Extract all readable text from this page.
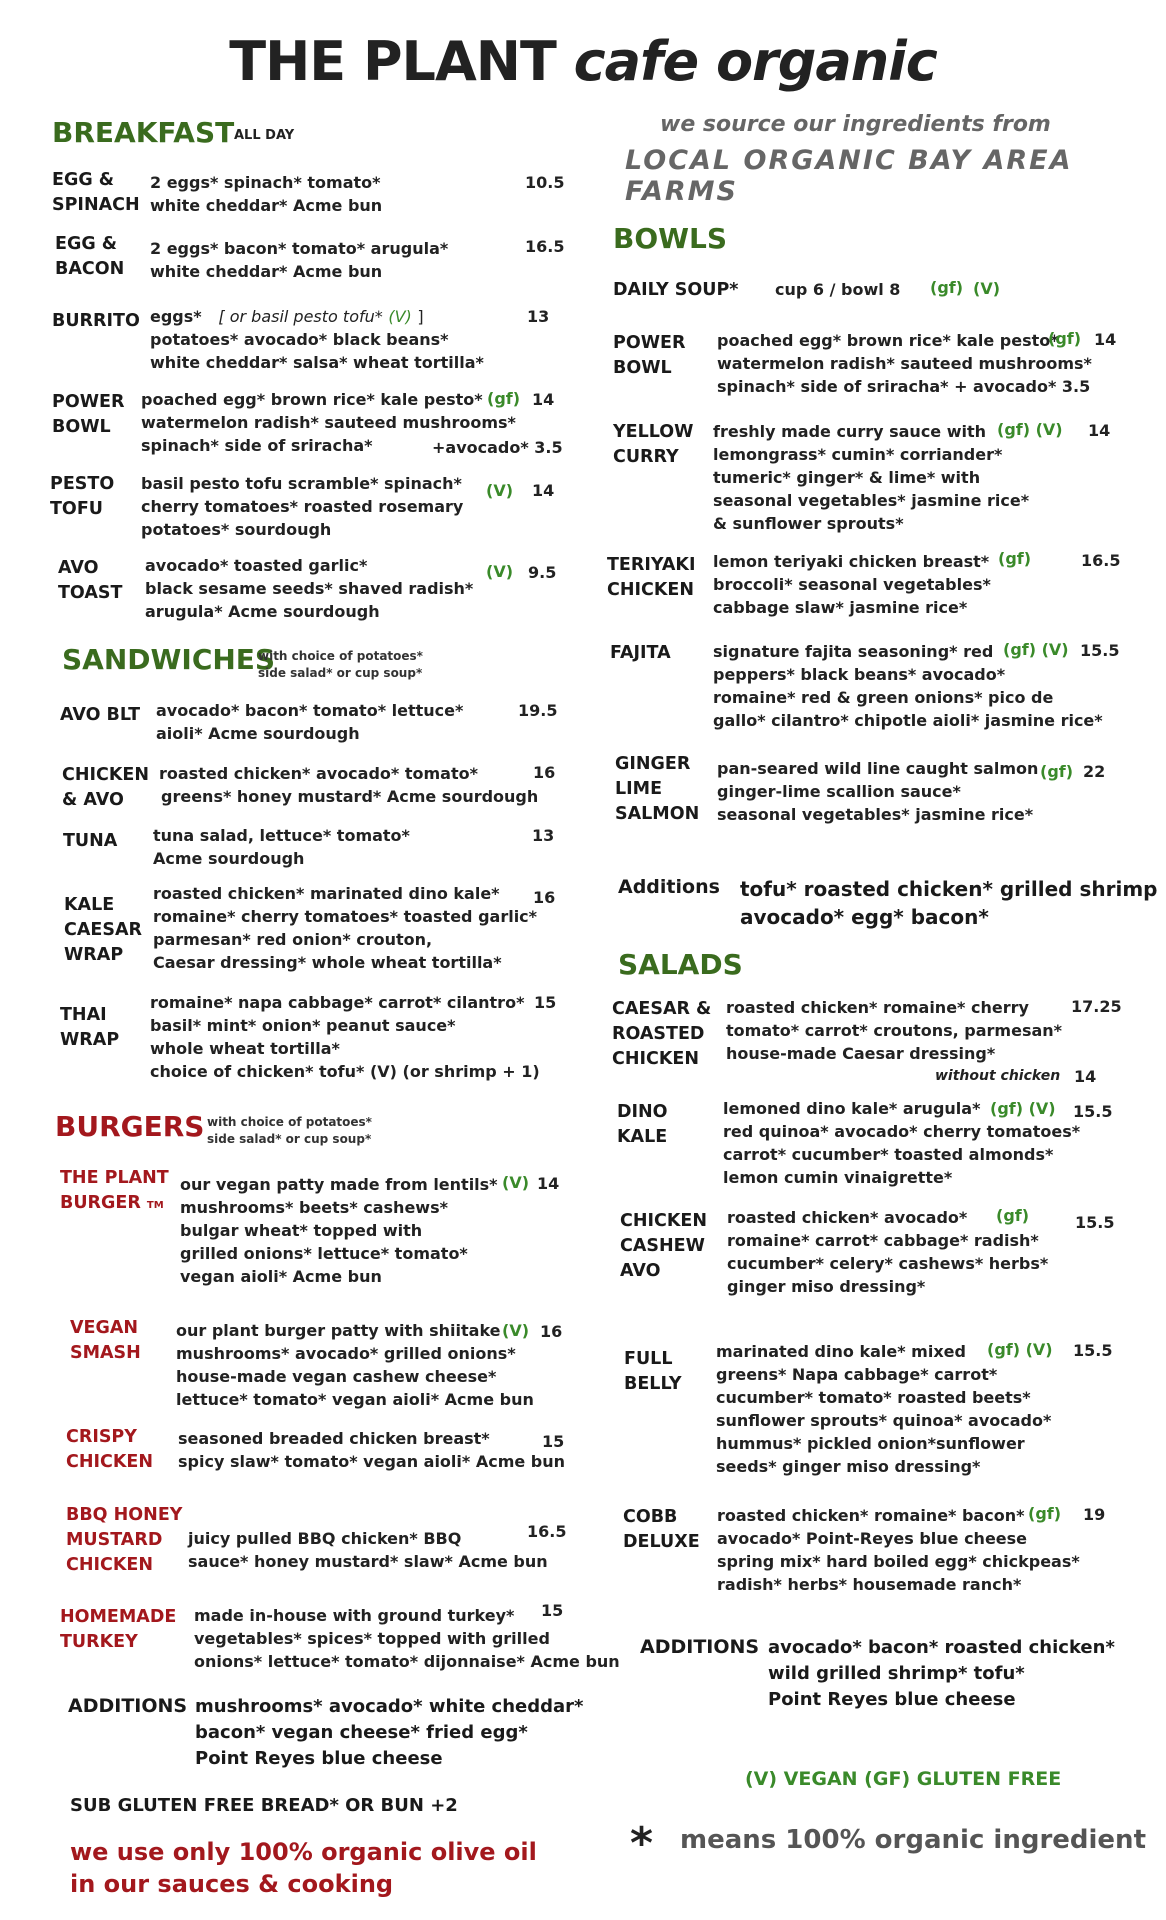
THE PLANT cafe organic
we source our ingredients from
LOCAL ORGANIC BAY AREA FARMS
BREAKFAST ALL DAY
EGG &
SPINACH
2 eggs* spinach* tomato*
white cheddar* Acme bun
10.5
EGG &
BACON
2 eggs* bacon* tomato* arugula*
white cheddar* Acme bun
16.5
BURRITO eggs* [ or basil pesto tofu* (V) ]
potatoes* avocado* black beans*
white cheddar* salsa* wheat tortilla*
13
POWER
BOWL
poached egg* brown rice* kale pesto*
watermelon radish* sauteed mushrooms*
spinach* side of sriracha*
(gf) 14
+avocado* 3.5
PESTO
TOFU
basil pesto tofu scramble* spinach*
cherry tomatoes* roasted rosemary
potatoes* sourdough
(V) 14
AVO
TOAST
avocado* toasted garlic*
black sesame seeds* shaved radish*
arugula* Acme sourdough
(V) 9.5
SANDWICHES
with choice of potatoes*
side salad* or cup soup*
AVO BLT avocado* bacon* tomato* lettuce*
aioli* Acme sourdough
19.5
CHICKEN
& AVO
roasted chicken* avocado* tomato*
greens* honey mustard* Acme sourdough
16
TUNA tuna salad, lettuce* tomato*
Acme sourdough
13
KALE
CAESAR
WRAP
roasted chicken* marinated dino kale*
romaine* cherry tomatoes* toasted garlic*
parmesan* red onion* crouton,
Caesar dressing* whole wheat tortilla*
16
THAI
WRAP
romaine* napa cabbage* carrot* cilantro*
basil* mint* onion* peanut sauce*
whole wheat tortilla*
choice of chicken* tofu* (V) (or shrimp + 1)
15
BURGERS with choice of potatoes*
side salad* or cup soup*
THE PLANT
BURGER TM
our vegan patty made from lentils*
mushrooms* beets* cashews*
bulgar wheat* topped with
grilled onions* lettuce* tomato*
vegan aioli* Acme bun
(V) 14
VEGAN
SMASH
our plant burger patty with shiitake
mushrooms* avocado* grilled onions*
house-made vegan cashew cheese*
lettuce* tomato* vegan aioli* Acme bun
(V) 16
CRISPY
CHICKEN
seasoned breaded chicken breast*
spicy slaw* tomato* vegan aioli* Acme bun
15
BBQ HONEY
MUSTARD
CHICKEN
juicy pulled BBQ chicken* BBQ
sauce* honey mustard* slaw* Acme bun
16.5
HOMEMADE
TURKEY
made in-house with ground turkey*
vegetables* spices* topped with grilled
onions* lettuce* tomato* dijonnaise* Acme bun
15
ADDITIONS mushrooms* avocado* white cheddar*
bacon* vegan cheese* fried egg*
Point Reyes blue cheese
SUB GLUTEN FREE BREAD* OR BUN +2
we use only 100% organic olive oil
in our sauces & cooking
BOWLS
DAILY SOUP* cup 6 / bowl 8 (gf) (V)
POWER
BOWL
poached egg* brown rice* kale pesto*
watermelon radish* sauteed mushrooms*
spinach* side of sriracha* + avocado* 3.5
(gf) 14
YELLOW
CURRY
freshly made curry sauce with
lemongrass* cumin* corriander*
tumeric* ginger* & lime* with
seasonal vegetables* jasmine rice*
& sunflower sprouts*
(gf) (V) 14
TERIYAKI
CHICKEN
lemon teriyaki chicken breast*
broccoli* seasonal vegetables*
cabbage slaw* jasmine rice*
(gf)	16.5
FAJITA	signature fajita seasoning* red
peppers* black beans* avocado*
romaine* red & green onions* pico de
gallo* cilantro* chipotle aioli* jasmine rice*
(gf) (V) 15.5
GINGER
LIME
SALMON
pan-seared wild line caught salmon
ginger-lime scallion sauce*
seasonal vegetables* jasmine rice*
(gf) 22
Additions tofu* roasted chicken* grilled shrimp
avocado* egg* bacon*
SALADS
CAESAR &
ROASTED
CHICKEN
roasted chicken* romaine* cherry
tomato* carrot* croutons, parmesan*
house-made Caesar dressing*
17.25
without chicken 14
DINO
KALE
lemoned dino kale* arugula*
red quinoa* avocado* cherry tomatoes*
carrot* cucumber* toasted almonds*
lemon cumin vinaigrette*
(gf) (V) 15.5
CHICKEN
CASHEW
AVO
roasted chicken* avocado*
romaine* carrot* cabbage* radish*
cucumber* celery* cashews* herbs*
ginger miso dressing*
(gf)	15.5
FULL
BELLY
marinated dino kale* mixed
greens* Napa cabbage* carrot*
cucumber* tomato* roasted beets*
sunflower sprouts* quinoa* avocado*
hummus* pickled onion*sunflower
seeds* ginger miso dressing*
(gf) (V) 15.5
COBB
DELUXE
roasted chicken* romaine* bacon*
avocado* Point-Reyes blue cheese
spring mix* hard boiled egg* chickpeas*
radish* herbs* housemade ranch*
(gf) 19
ADDITIONS avocado* bacon* roasted chicken*
wild grilled shrimp* tofu*
Point Reyes blue cheese
(V) VEGAN (GF) GLUTEN FREE
* means 100% organic ingredient
